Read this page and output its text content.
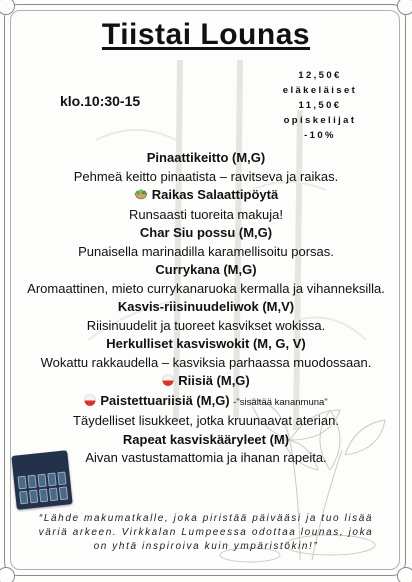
Tiistai Lounas
klo.10:30-15
12,50€
eläkeläiset
11,50€
opiskelijat
-10%
Pinaattikeitto (M,G)
Pehmeä keitto pinaatista – ravitseva ja raikas.
Raikas Salaattipöytä
Runsaasti tuoreita makuja!
Char Siu possu (M,G)
Punaisella marinadilla karamellisoitu porsas.
Currykana (M,G)
Aromaattinen, mieto currykanaruoka kermalla ja vihanneksilla.
Kasvis-riisinuudeliwok (M,V)
Riisinuudelit ja tuoreet kasvikset wokissa.
Herkulliset kasviswokit (M, G, V)
Wokattu rakkaudella – kasviksia parhaassa muodossaan.
Riisiä (M,G)
Paistettuariisiä (M,G) -"sisältää kananmuna"
Täydelliset lisukkeet, jotka kruunaavat aterian.
Rapeat kasviskääryleet (M)
Aivan vastustamattomia ja ihanan rapeita.
“Lähde makumatkalle, joka piristää päivääsi ja tuo lisää väriä arkeen. Virkkalan Lumpeessa odottaa lounas, joka on yhtä inspiroiva kuin ympäristökin!”
